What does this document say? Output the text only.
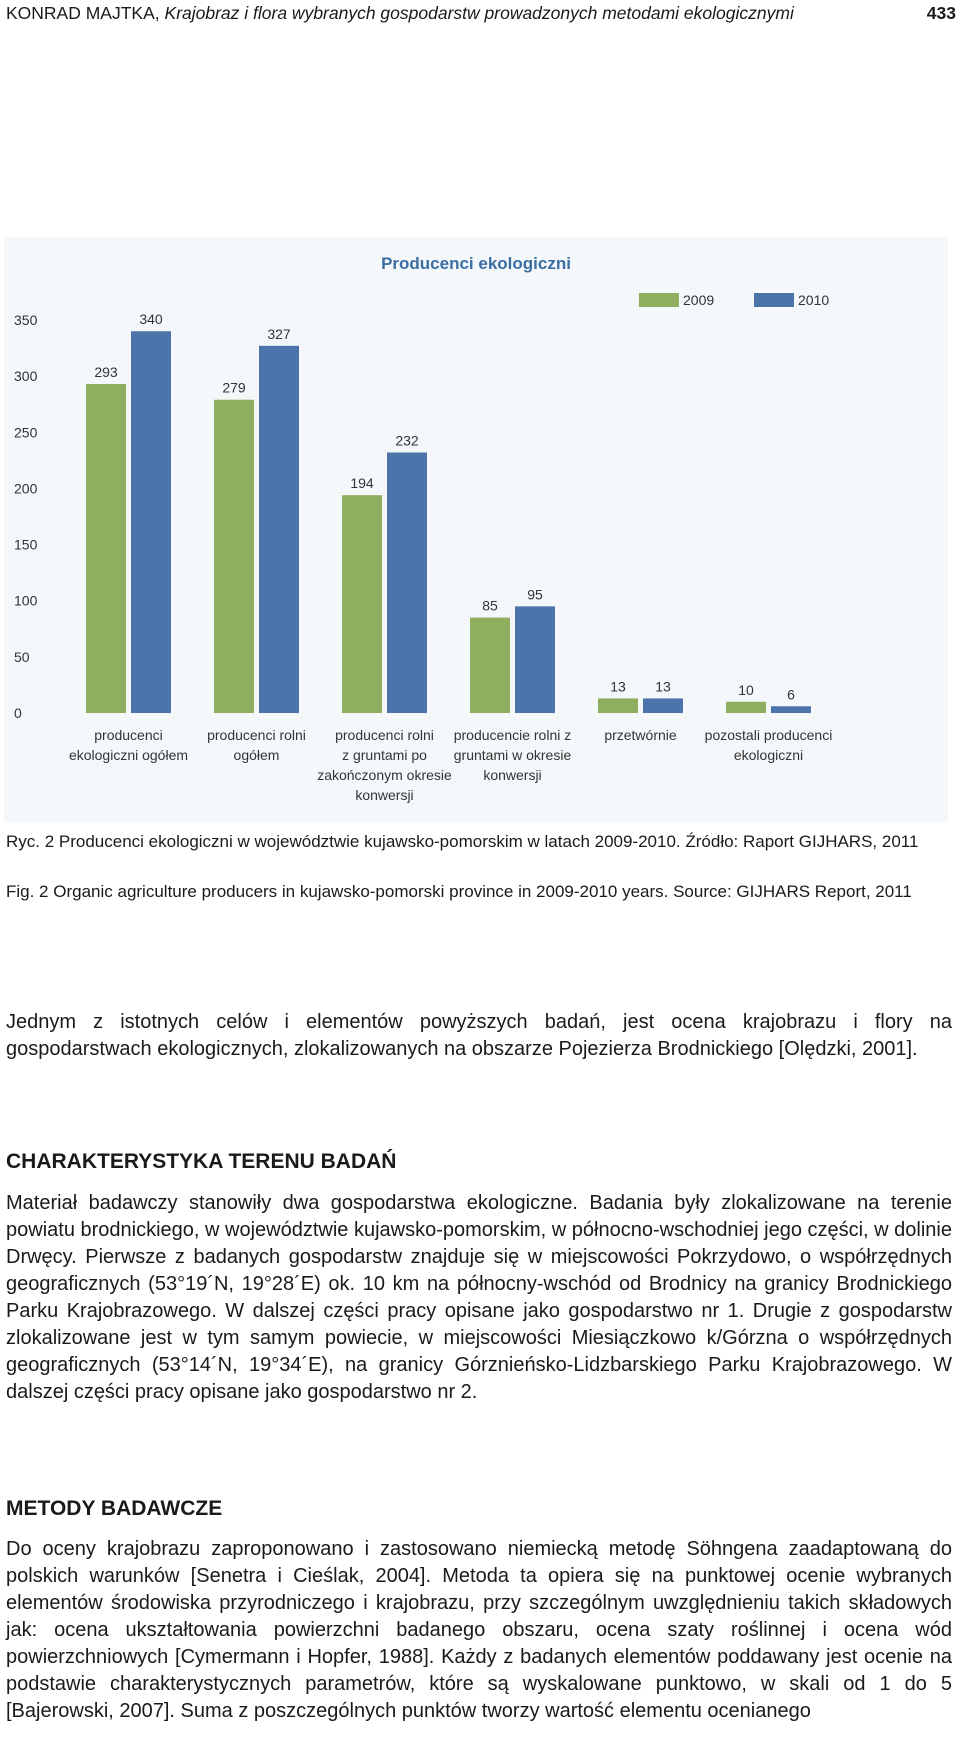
KONRAD MAJTKA, Krajobraz i flora wybranych gospodarstw prowadzonych metodami ekologicznymi	433
Producenci ekologiczni
0
50
100
150
200
250
300
350
2009	2010
293
340
producenci
ekologiczni ogółem
279
327
producenci rolni
ogółem
194
232
producenci rolni
z gruntami po
zakończonym okresie
konwersji
85
95
producencie rolni z
gruntami w okresie
konwersji
13 13
przetwórnie
10 6
pozostali producenci
ekologiczni
Ryc. 2 Producenci ekologiczni w województwie kujawsko-pomorskim w latach 2009-2010. Źródło: Raport GIJHARS, 2011
Fig. 2 Organic agriculture producers in kujawsko-pomorski province in 2009-2010 years. Source: GIJHARS Report, 2011
Jednym z istotnych celów i elementów powyższych badań, jest ocena krajobrazu i flory na gospodarstwach ekologicznych, zlokalizowanych na obszarze Pojezierza Brodnickiego [Olędzki, 2001].
CHARAKTERYSTYKA TERENU BADAŃ
Materiał badawczy stanowiły dwa gospodarstwa ekologiczne. Badania były zlokalizowane na terenie powiatu brodnickiego, w województwie kujawsko-pomorskim, w północno-wschodniej jego części, w dolinie Drwęcy. Pierwsze z badanych gospodarstw znajduje się w miejscowości Pokrzydowo, o współrzędnych geograficznych (53°19´N, 19°28´E) ok. 10 km na północny-wschód od Brodnicy na granicy Brodnickiego Parku Krajobrazowego. W dalszej części pracy opisane jako gospodarstwo nr 1. Drugie z gospodarstw zlokalizowane jest w tym samym powiecie, w miejscowości Miesiączkowo k/Górzna o współrzędnych geograficznych (53°14´N, 19°34´E), na granicy Górznieńsko-Lidzbarskiego Parku Krajobrazowego. W dalszej części pracy opisane jako gospodarstwo nr 2.
METODY BADAWCZE
Do oceny krajobrazu zaproponowano i zastosowano niemiecką metodę Söhngena zaadaptowaną do polskich warunków [Senetra i Cieślak, 2004]. Metoda ta opiera się na punktowej ocenie wybranych elementów środowiska przyrodniczego i krajobrazu, przy szczególnym uwzględnieniu takich składowych jak: ocena ukształtowania powierzchni badanego obszaru, ocena szaty roślinnej i ocena wód powierzchniowych [Cymermann i Hopfer, 1988]. Każdy z badanych elementów poddawany jest ocenie na podstawie charakterystycznych parametrów, które są wyskalowane punktowo, w skali od 1 do 5 [Bajerowski, 2007]. Suma z poszczególnych punktów tworzy wartość elementu ocenianego
